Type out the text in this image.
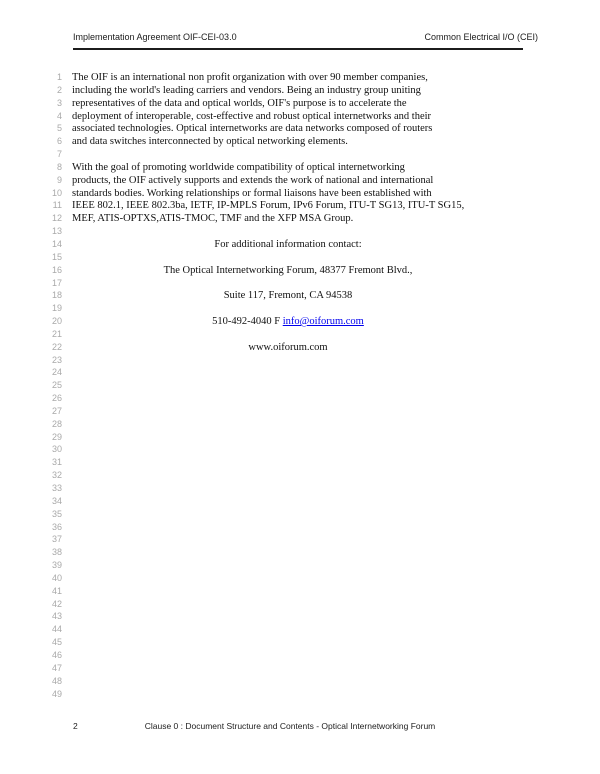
Implementation Agreement OIF-CEI-03.0	Common Electrical I/O (CEI)
1 The OIF is an international non profit organization with over 90 member companies,
2 including the world's leading carriers and vendors. Being an industry group uniting
3 representatives of the data and optical worlds, OIF's purpose is to accelerate the
4 deployment of interoperable, cost-effective and robust optical internetworks and their
5 associated technologies. Optical internetworks are data networks composed of routers
6 and data switches interconnected by optical networking elements.
7
8 With the goal of promoting worldwide compatibility of optical internetworking
9 products, the OIF actively supports and extends the work of national and international
10 standards bodies. Working relationships or formal liaisons have been established with
11 IEEE 802.1, IEEE 802.3ba, IETF, IP-MPLS Forum, IPv6 Forum, ITU-T SG13, ITU-T SG15,
12 MEF, ATIS-OPTXS,ATIS-TMOC, TMF and the XFP MSA Group.
13
14	For additional information contact:
15
16	The Optical Internetworking Forum, 48377 Fremont Blvd.,
17
18	Suite 117, Fremont, CA 94538
19
20	510-492-4040 F info@oiforum.com
21
22	www.oiforum.com
23
24
25
26
27
28
29
30
31
32
33
34
35
36
37
38
39
40
41
42
43
44
45
46
47
48
49
2	Clause 0 : Document Structure and Contents - Optical Internetworking Forum
